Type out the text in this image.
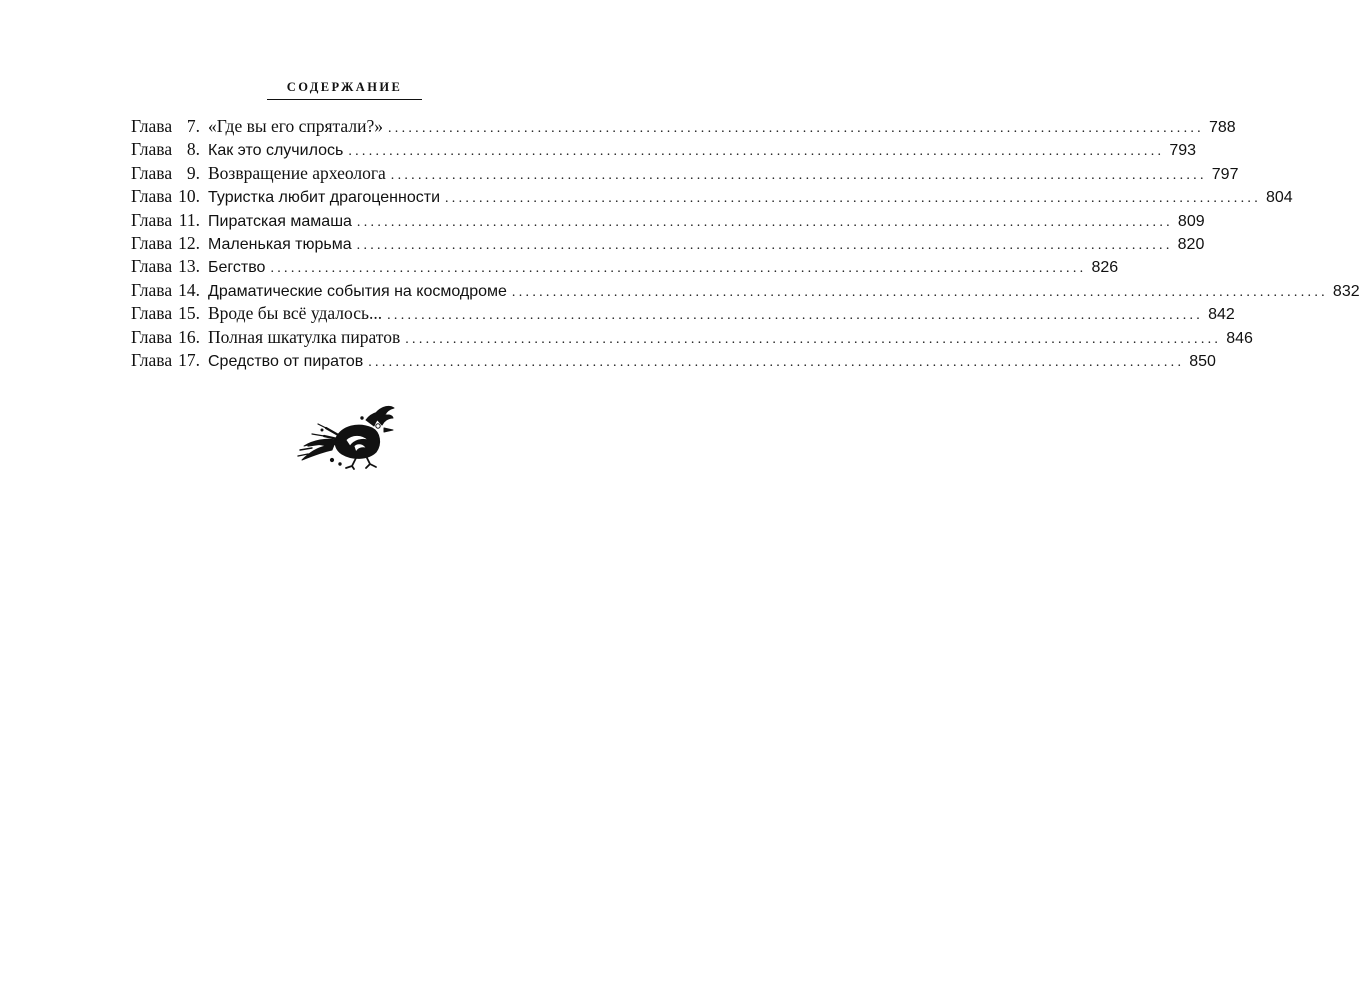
СОДЕРЖАНИЕ
Глава 7. «Где вы его спрятали?» ........................................................................................................................ 788
Глава 8. Как это случилось ........................................................................................................................ 793
Глава 9. Возвращение археолога ........................................................................................................................ 797
Глава 10. Туристка любит драгоценности ........................................................................................................................ 804
Глава 11. Пиратская мамаша ........................................................................................................................ 809
Глава 12. Маленькая тюрьма ........................................................................................................................ 820
Глава 13. Бегство ........................................................................................................................ 826
Глава 14. Драматические события на космодроме ........................................................................................................................ 832
Глава 15. Вроде бы всё удалось... ........................................................................................................................ 842
Глава 16. Полная шкатулка пиратов ........................................................................................................................ 846
Глава 17. Средство от пиратов ........................................................................................................................ 850
